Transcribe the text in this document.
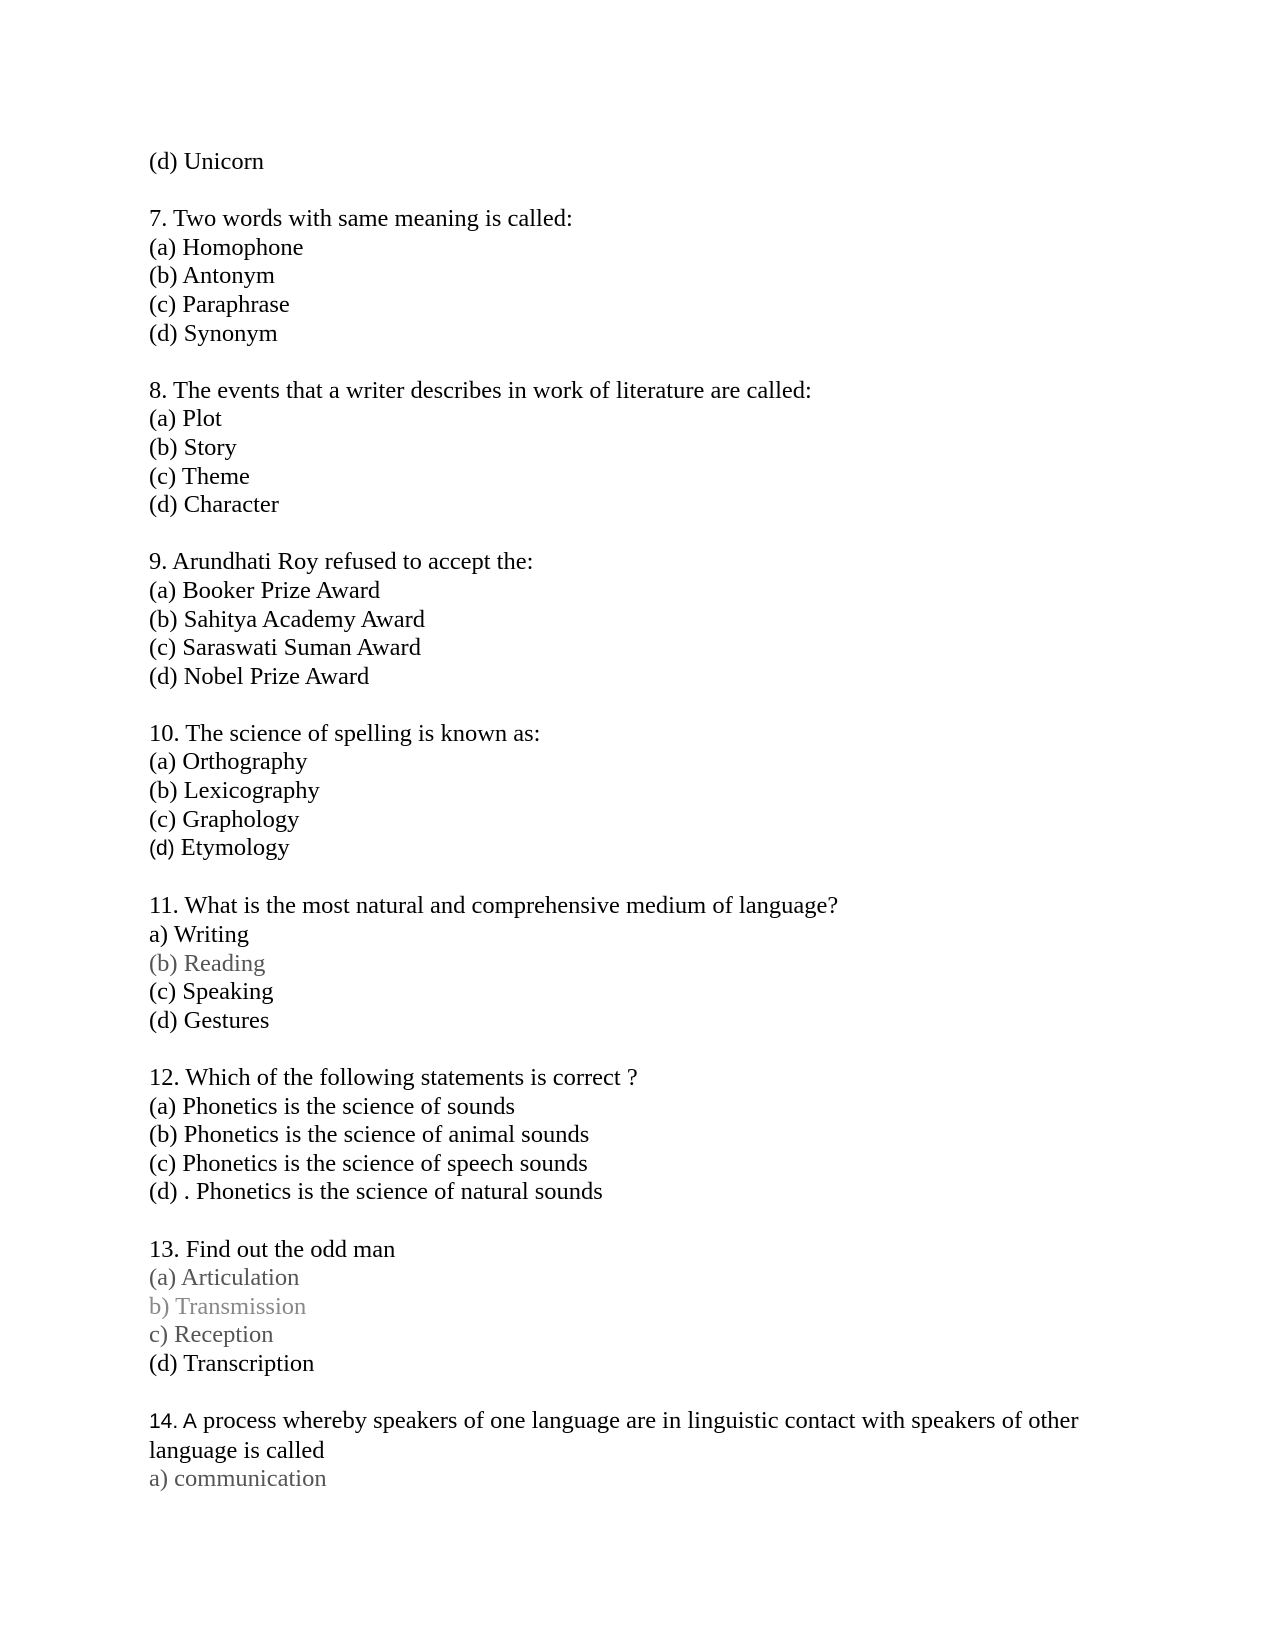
(d) Unicorn
7. Two words with same meaning is called:
(a) Homophone
(b) Antonym
(c) Paraphrase
(d) Synonym
8. The events that a writer describes in work of literature are called:
(a) Plot
(b) Story
(c) Theme
(d) Character
9. Arundhati Roy refused to accept the:
(a) Booker Prize Award
(b) Sahitya Academy Award
(c) Saraswati Suman Award
(d) Nobel Prize Award
10. The science of spelling is known as:
(a) Orthography
(b) Lexicography
(c) Graphology
(d) Etymology
11. What is the most natural and comprehensive medium of language?
a) Writing
(b) Reading
(c) Speaking
(d) Gestures
12. Which of the following statements is correct ?
(a) Phonetics is the science of sounds
(b) Phonetics is the science of animal sounds
(c) Phonetics is the science of speech sounds
(d) . Phonetics is the science of natural sounds
13. Find out the odd man
(a) Articulation
b) Transmission
c) Reception
(d) Transcription
14. A process whereby speakers of one language are in linguistic contact with speakers of other language is called
a) communication
